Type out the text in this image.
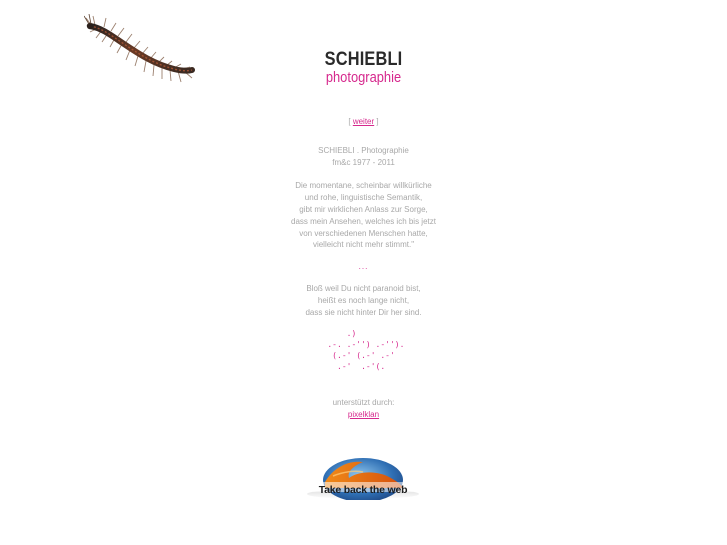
SCHIEBLI
photographie

[ weiter ]

SCHIEBLI . Photographie

fm&c 1977 - 2011

Die momentane, scheinbar willkürliche

und rohe, linguistische Semantik,

gibt mir wirklichen Anlass zur Sorge,

dass mein Ansehen, welches ich bis jetzt

von verschiedenen Menschen hatte,

vielleicht nicht mehr stimmt."

...

Bloß weil Du nicht paranoid bist,

heißt es noch lange nicht,

dass sie nicht hinter Dir her sind.

.)
.-. .-'') .-'').
(.-' (.-' .-'
.-'  .-'(.

unterstützt durch:

pixelklan

Take back the web
